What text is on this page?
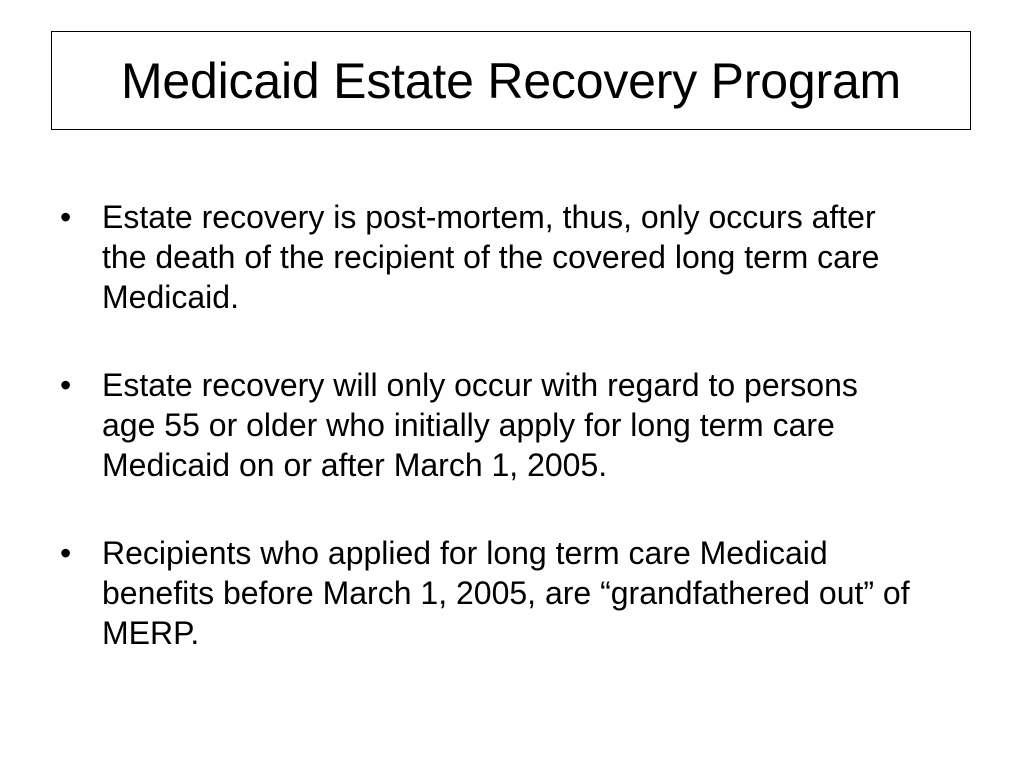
Medicaid Estate Recovery Program
• Estate recovery is post-mortem, thus, only occurs after the death of the recipient of the covered long term care Medicaid.
• Estate recovery will only occur with regard to persons age 55 or older who initially apply for long term care Medicaid on or after March 1, 2005.
• Recipients who applied for long term care Medicaid benefits before March 1, 2005, are “grandfathered out” of MERP.
